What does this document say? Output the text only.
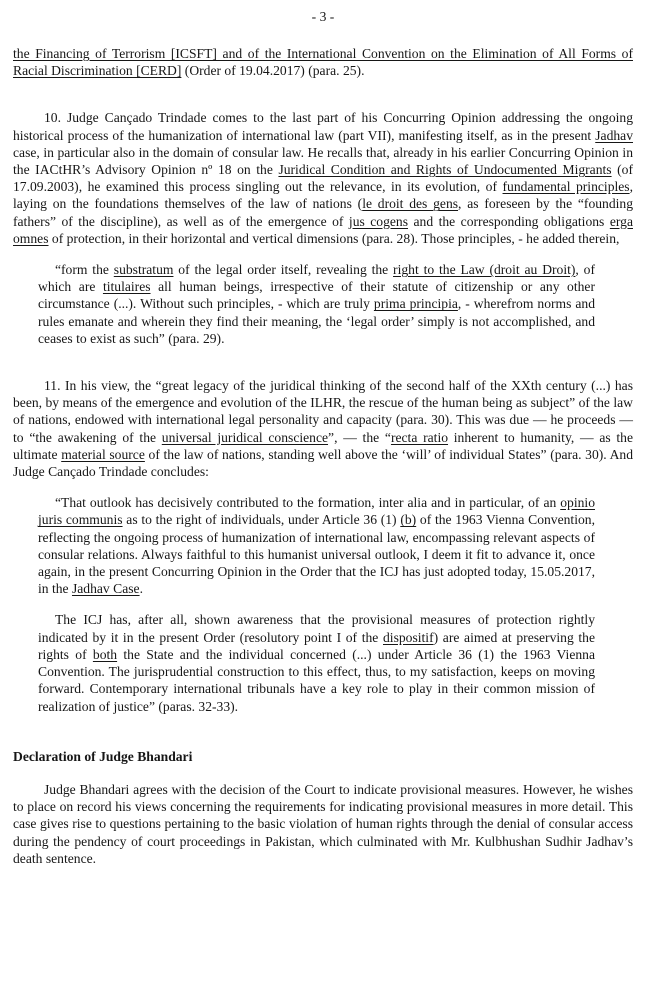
- 3 -

the Financing of Terrorism [ICSFT] and of the International Convention on the Elimination of All Forms of Racial Discrimination [CERD] (Order of 19.04.2017) (para. 25).

10. Judge Cançado Trindade comes to the last part of his Concurring Opinion addressing the ongoing historical process of the humanization of international law (part VII), manifesting itself, as in the present Jadhav case, in particular also in the domain of consular law. He recalls that, already in his earlier Concurring Opinion in the IACtHR’s Advisory Opinion nº 18 on the Juridical Condition and Rights of Undocumented Migrants (of 17.09.2003), he examined this process singling out the relevance, in its evolution, of fundamental principles, laying on the foundations themselves of the law of nations (le droit des gens, as foreseen by the “founding fathers” of the discipline), as well as of the emergence of jus cogens and the corresponding obligations erga omnes of protection, in their horizontal and vertical dimensions (para. 28). Those principles, - he added therein,

“form the substratum of the legal order itself, revealing the right to the Law (droit au Droit), of which are titulaires all human beings, irrespective of their statute of citizenship or any other circumstance (...). Without such principles, - which are truly prima principia, - wherefrom norms and rules emanate and wherein they find their meaning, the ‘legal order’ simply is not accomplished, and ceases to exist as such” (para. 29).

11. In his view, the “great legacy of the juridical thinking of the second half of the XXth century (...) has been, by means of the emergence and evolution of the ILHR, the rescue of the human being as subject” of the law of nations, endowed with international legal personality and capacity (para. 30). This was due — he proceeds — to “the awakening of the universal juridical conscience”, — the “recta ratio inherent to humanity, — as the ultimate material source of the law of nations, standing well above the ‘will’ of individual States” (para. 30). And Judge Cançado Trindade concludes:

“That outlook has decisively contributed to the formation, inter alia and in particular, of an opinio juris communis as to the right of individuals, under Article 36 (1) (b) of the 1963 Vienna Convention, reflecting the ongoing process of humanization of international law, encompassing relevant aspects of consular relations. Always faithful to this humanist universal outlook, I deem it fit to advance it, once again, in the present Concurring Opinion in the Order that the ICJ has just adopted today, 15.05.2017, in the Jadhav Case.
The ICJ has, after all, shown awareness that the provisional measures of protection rightly indicated by it in the present Order (resolutory point I of the dispositif) are aimed at preserving the rights of both the State and the individual concerned (...) under Article 36 (1) the 1963 Vienna Convention. The jurisprudential construction to this effect, thus, to my satisfaction, keeps on moving forward. Contemporary international tribunals have a key role to play in their common mission of realization of justice” (paras. 32-33).
Declaration of Judge Bhandari

Judge Bhandari agrees with the decision of the Court to indicate provisional measures. However, he wishes to place on record his views concerning the requirements for indicating provisional measures in more detail. This case gives rise to questions pertaining to the basic violation of human rights through the denial of consular access during the pendency of court proceedings in Pakistan, which culminated with Mr. Kulbhushan Sudhir Jadhav’s death sentence.
